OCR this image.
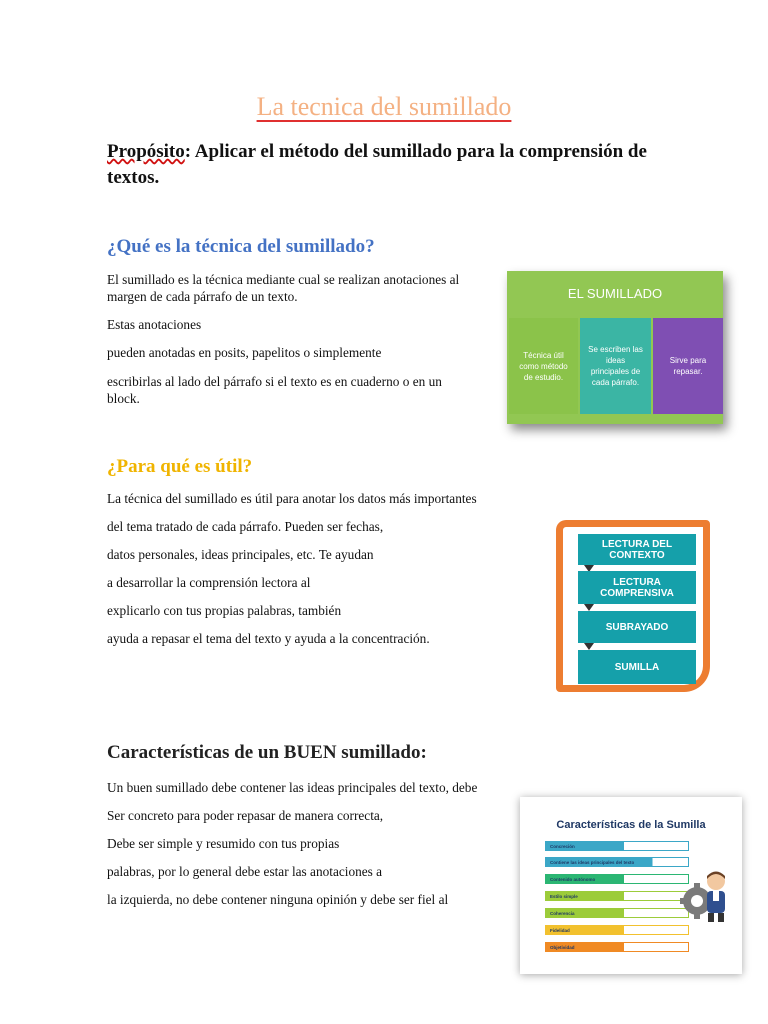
La tecnica del sumillado
Propósito: Aplicar el método del sumillado para la comprensión de textos.
¿Qué es la técnica del sumillado?
El sumillado es la técnica mediante cual se realizan anotaciones al margen de cada párrafo de un texto.
Estas anotaciones
pueden anotadas en posits, papelitos o simplemente
escribirlas al lado del párrafo si el texto es en cuaderno o en un block.
EL SUMILLADO
Técnica útil como método de estudio.
Se escriben las ideas principales de cada párrafo.
Sirve para repasar.
¿Para qué es útil?
La técnica del sumillado es útil para anotar los datos más importantes
del tema tratado de cada párrafo. Pueden ser fechas,
datos personales, ideas principales, etc. Te ayudan
a desarrollar la comprensión lectora al
explicarlo con tus propias palabras, también
ayuda a repasar el tema del texto y ayuda a la concentración.
LECTURA DEL CONTEXTO
LECTURA COMPRENSIVA
SUBRAYADO
SUMILLA
Características de un BUEN sumillado:
Un buen sumillado debe contener las ideas principales del texto, debe
Ser concreto para poder repasar de manera correcta,
Debe ser simple y resumido con tus propias
palabras, por lo general debe estar las anotaciones a
la izquierda, no debe contener ninguna opinión y debe ser fiel al
Características de la Sumilla
Concreción
Contiene las ideas principales del texto
Contenido autónomo
Estilo simple
Coherencia
Fidelidad
Objetividad
